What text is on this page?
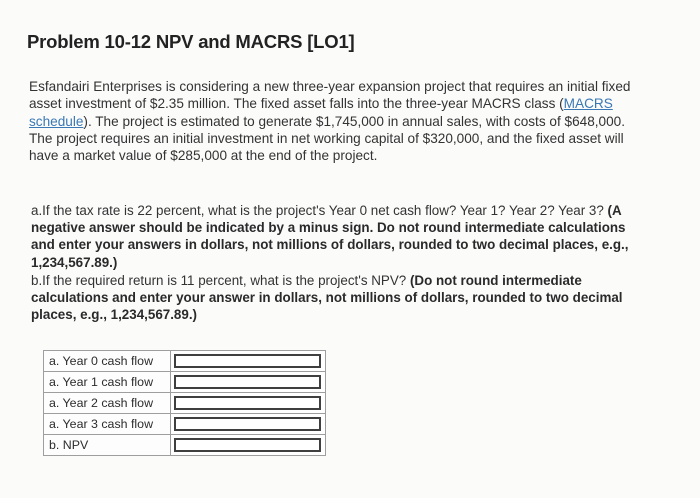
Problem 10-12 NPV and MACRS [LO1]
Esfandairi Enterprises is considering a new three-year expansion project that requires an initial fixed asset investment of $2.35 million. The fixed asset falls into the three-year MACRS class (MACRS schedule). The project is estimated to generate $1,745,000 in annual sales, with costs of $648,000. The project requires an initial investment in net working capital of $320,000, and the fixed asset will have a market value of $285,000 at the end of the project.
a.If the tax rate is 22 percent, what is the project's Year 0 net cash flow? Year 1? Year 2? Year 3? (A negative answer should be indicated by a minus sign. Do not round intermediate calculations and enter your answers in dollars, not millions of dollars, rounded to two decimal places, e.g., 1,234,567.89.)
b.If the required return is 11 percent, what is the project's NPV? (Do not round intermediate calculations and enter your answer in dollars, not millions of dollars, rounded to two decimal places, e.g., 1,234,567.89.)
a. Year 0 cash flow	

a. Year 1 cash flow	

a. Year 2 cash flow	

a. Year 3 cash flow	

b. NPV	
